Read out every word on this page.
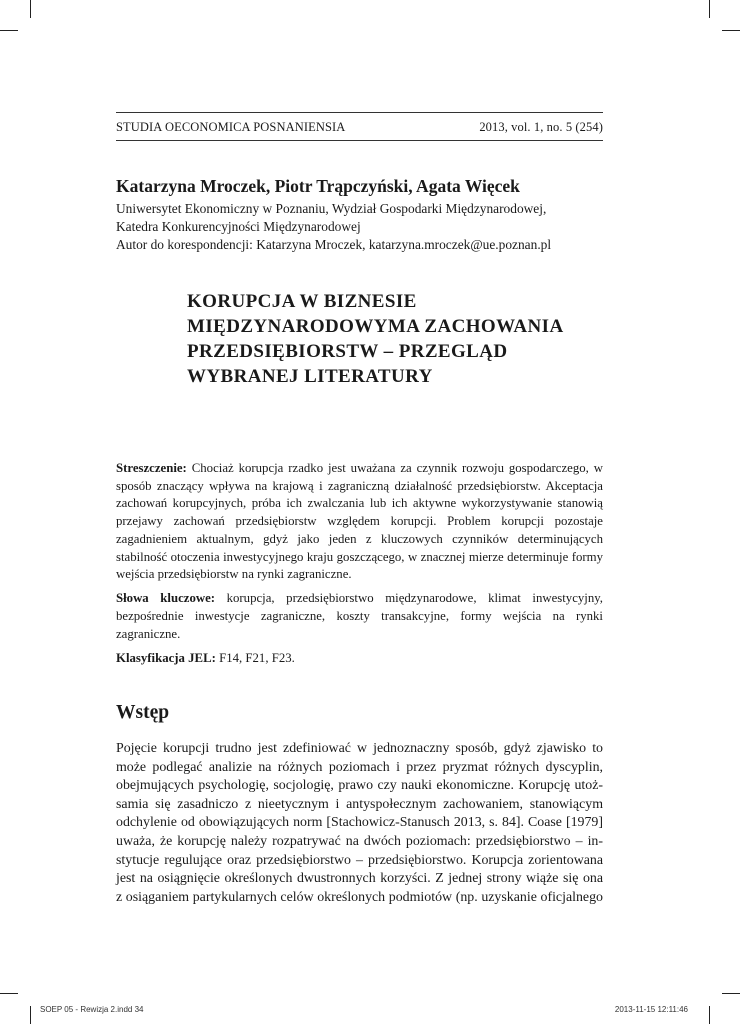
STUDIA OECONOMICA POSNANIENSIA	2013, vol. 1, no. 5 (254)
Katarzyna Mroczek, Piotr Trąpczyński, Agata Więcek
Uniwersytet Ekonomiczny w Poznaniu, Wydział Gospodarki Międzynarodowej,
Katedra Konkurencyjności Międzynarodowej
Autor do korespondencji: Katarzyna Mroczek, katarzyna.mroczek@ue.poznan.pl
KORUPCJA W BIZNESIE
MIĘDZYNARODOWYMA ZACHOWANIA
PRZEDSIĘBIORSTW – PRZEGLĄD
WYBRANEJ LITERATURY

Streszczenie: Chociaż korupcja rzadko jest uważana za czynnik rozwoju gospodarczego, w sposób znaczący wpływa na krajową i zagraniczną działalność przedsiębiorstw. Akceptacja zachowań korupcyjnych, próba ich zwalczania lub ich aktywne wykorzystywanie stanowią przejawy zachowań przedsiębiorstw względem korupcji. Problem korupcji pozostaje zagadnieniem aktualnym, gdyż jako jeden z kluczowych czynników determinujących stabilność otoczenia inwestycyjnego kraju goszczącego, w znacznej mierze determinuje formy wejścia przedsiębiorstw na rynki zagraniczne.

Słowa kluczowe: korupcja, przedsiębiorstwo międzynarodowe, klimat inwestycyjny, bezpośrednie inwestycje zagraniczne, koszty transakcyjne, formy wejścia na rynki zagraniczne.

Klasyfikacja JEL: F14, F21, F23.

Wstęp
Pojęcie korupcji trudno jest zdefiniować w jednoznaczny sposób, gdyż zjawisko to
może podlegać analizie na różnych poziomach i przez pryzmat różnych dyscyplin,
obejmujących psychologię, socjologię, prawo czy nauki ekonomiczne. Korupcję utoż-
samia się zasadniczo z nieetycznym i antyspołecznym zachowaniem, stanowiącym
odchylenie od obowiązujących norm [Stachowicz-Stanusch 2013, s. 84]. Coase [1979]
uważa, że korupcję należy rozpatrywać na dwóch poziomach: przedsiębiorstwo – in-
stytucje regulujące oraz przedsiębiorstwo – przedsiębiorstwo. Korupcja zorientowana
jest na osiągnięcie określonych dwustronnych korzyści. Z jednej strony wiąże się ona
z osiąganiem partykularnych celów określonych podmiotów (np. uzyskanie oficjalnego
SOEP 05 - Rewizja 2.indd 34	2013-11-15 12:11:46
